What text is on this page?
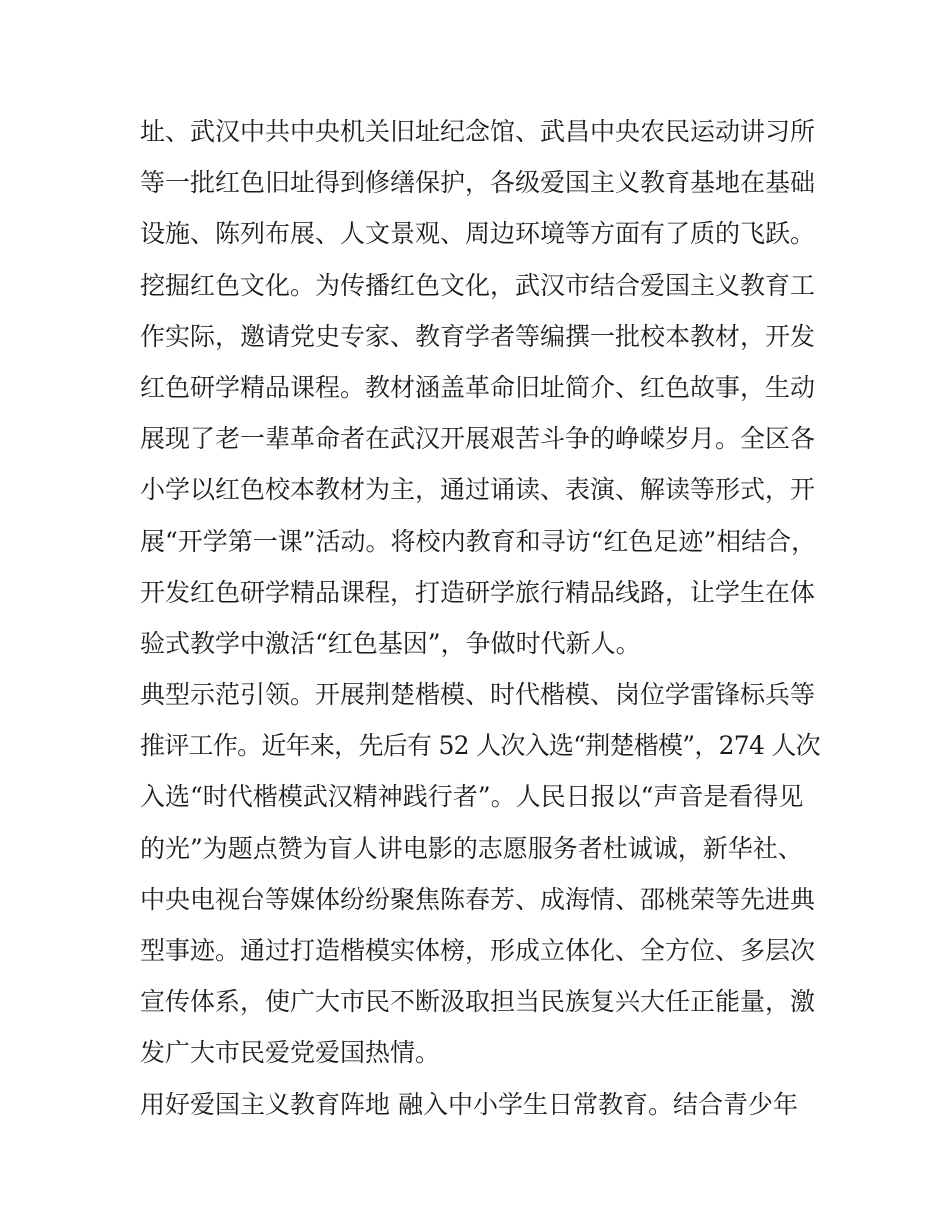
址、武汉中共中央机关旧址纪念馆、武昌中央农民运动讲习所
等一批红色旧址得到修缮保护，各级爱国主义教育基地在基础
设施、陈列布展、人文景观、周边环境等方面有了质的飞跃。
挖掘红色文化。为传播红色文化，武汉市结合爱国主义教育工
作实际，邀请党史专家、教育学者等编撰一批校本教材，开发
红色研学精品课程。教材涵盖革命旧址简介、红色故事，生动
展现了老一辈革命者在武汉开展艰苦斗争的峥嵘岁月。全区各
小学以红色校本教材为主，通过诵读、表演、解读等形式，开
展“开学第一课”活动。将校内教育和寻访“红色足迹”相结合，
开发红色研学精品课程，打造研学旅行精品线路，让学生在体
验式教学中激活“红色基因”，争做时代新人。
典型示范引领。开展荆楚楷模、时代楷模、岗位学雷锋标兵等
推评工作。近年来，先后有 52 人次入选“荆楚楷模”，274 人次
入选“时代楷模武汉精神践行者”。人民日报以“声音是看得见
的光”为题点赞为盲人讲电影的志愿服务者杜诚诚，新华社、
中央电视台等媒体纷纷聚焦陈春芳、成海情、邵桃荣等先进典
型事迹。通过打造楷模实体榜，形成立体化、全方位、多层次
宣传体系，使广大市民不断汲取担当民族复兴大任正能量，激
发广大市民爱党爱国热情。
用好爱国主义教育阵地 融入中小学生日常教育。结合青少年
